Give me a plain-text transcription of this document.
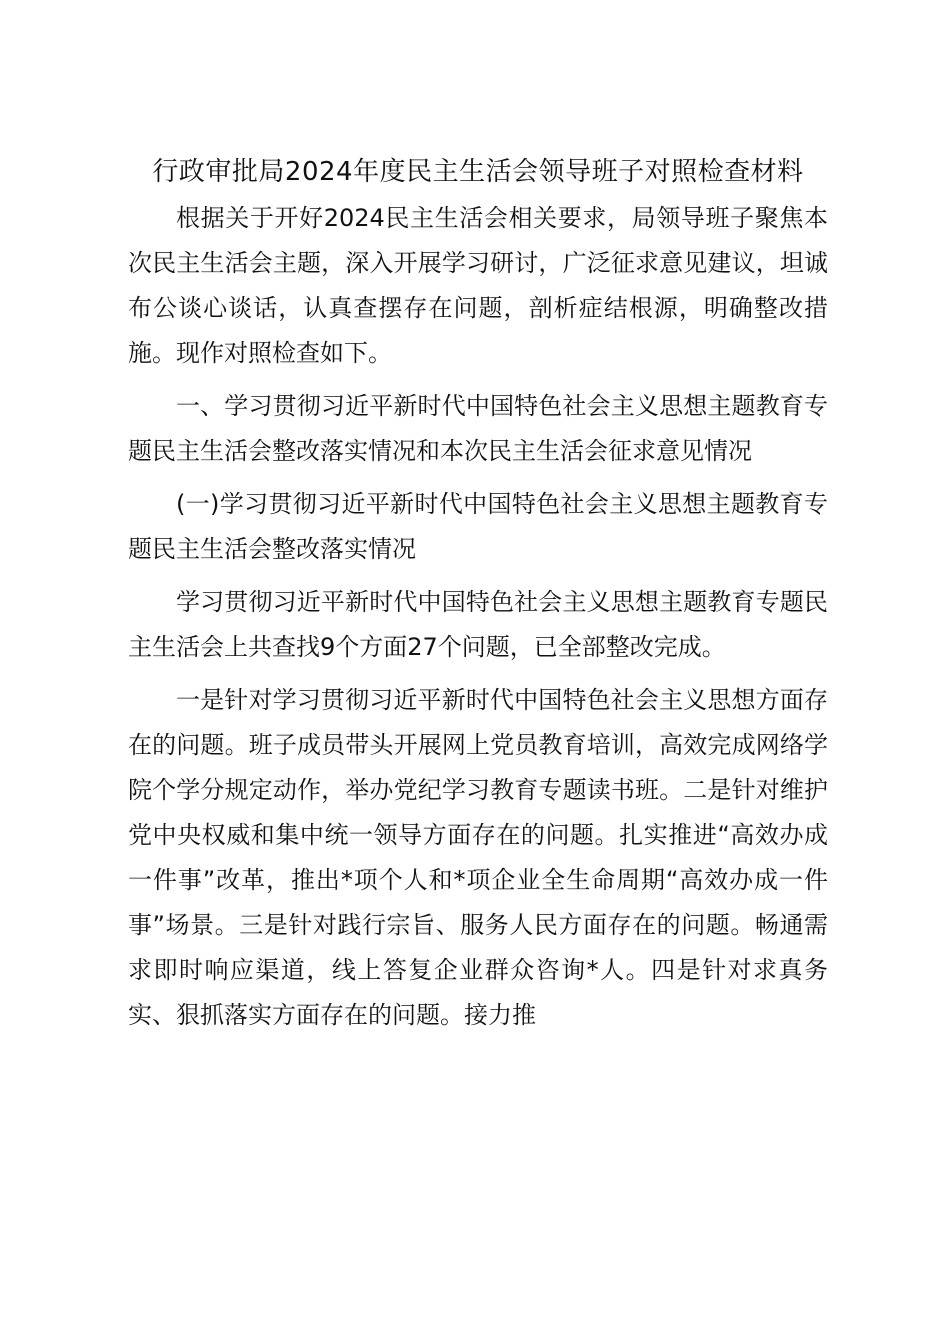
行政审批局2024年度民主生活会领导班子对照检查材料

根据关于开好2024民主生活会相关要求，局领导班子聚焦本次民主生活会主题，深入开展学习研讨，广泛征求意见建议，坦诚布公谈心谈话，认真查摆存在问题，剖析症结根源，明确整改措施。现作对照检查如下。

一、学习贯彻习近平新时代中国特色社会主义思想主题教育专题民主生活会整改落实情况和本次民主生活会征求意见情况

(一)学习贯彻习近平新时代中国特色社会主义思想主题教育专题民主生活会整改落实情况

学习贯彻习近平新时代中国特色社会主义思想主题教育专题民主生活会上共查找9个方面27个问题，已全部整改完成。

一是针对学习贯彻习近平新时代中国特色社会主义思想方面存在的问题。班子成员带头开展网上党员教育培训，高效完成网络学院个学分规定动作，举办党纪学习教育专题读书班。二是针对维护党中央权威和集中统一领导方面存在的问题。扎实推进“高效办成一件事”改革，推出*项个人和*项企业全生命周期“高效办成一件事”场景。三是针对践行宗旨、服务人民方面存在的问题。畅通需求即时响应渠道，线上答复企业群众咨询*人。四是针对求真务实、狠抓落实方面存在的问题。接力推
